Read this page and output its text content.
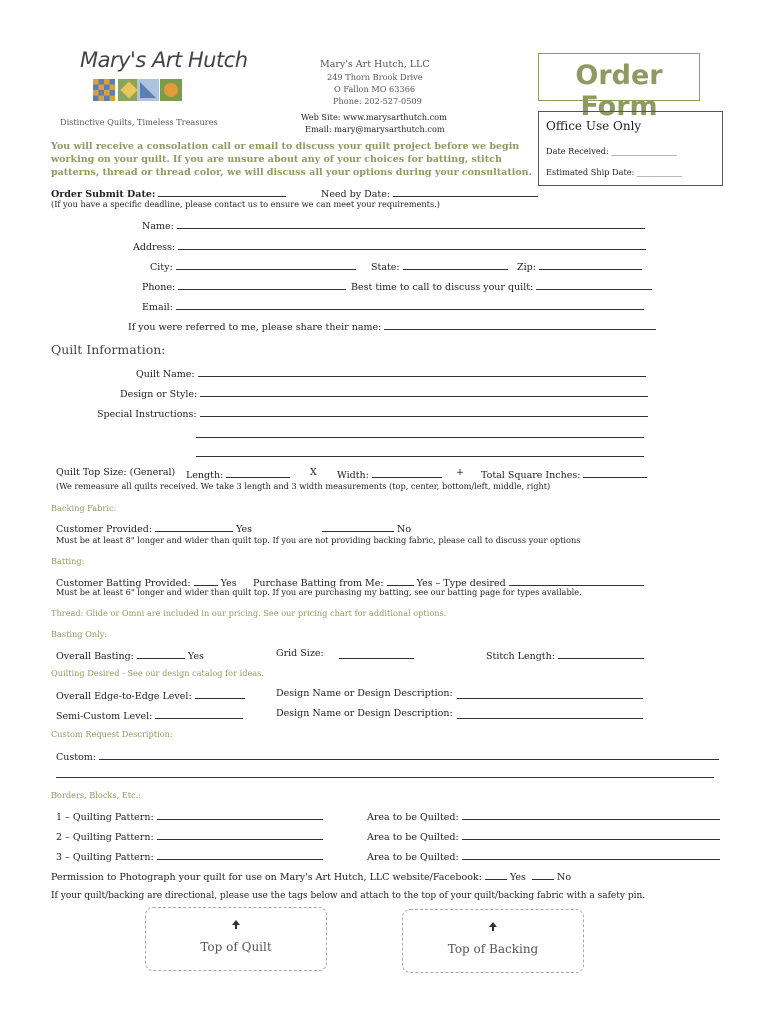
Mary's Art Hutch
Distinctive Quilts, Timeless Treasures
Mary's Art Hutch, LLC
249 Thorn Brook Drive
O Fallon MO 63366
Phone: 202-527-0509
Web Site: www.marysarthutch.com
Email: mary@marysarthutch.com
Order Form
Office Use Only
Date Received: ________________
Estimated Ship Date: ___________
You will receive a consolation call or email to discuss your quilt project before we begin
working on your quilt. If you are unsure about any of your choices for batting, stitch
patterns, thread or thread color, we will discuss all your options during your consultation.
Order Submit Date:	Need by Date:
(If you have a specific deadline, please contact us to ensure we can meet your requirements.)
Name:
Address:
City:	State:	Zip:
Phone:	Best time to call to discuss your quilt:
Email:
If you were referred to me, please share their name:
Quilt Information:
Quilt Name:
Design or Style:
Special Instructions:
Quilt Top Size: (General) Length:	X Width:	+ Total Square Inches:
(We remeasure all quilts received. We take 3 length and 3 width measurements (top, center, bottom/left, middle, right)
Backing Fabric:
Customer Provided:	Yes	No
Must be at least 8" longer and wider than quilt top. If you are not providing backing fabric, please call to discuss your options
Batting:
Customer Batting Provided:	Yes Purchase Batting from Me:	Yes – Type desired
Must be at least 6" longer and wider than quilt top. If you are purchasing my batting, see our batting page for types available.
Thread: Glide or Omni are included in our pricing. See our pricing chart for additional options.
Basting Only:
Overall Basting:	Yes	Grid Size:	Stitch Length:
Quilting Desired - See our design catalog for ideas.
Overall Edge-to-Edge Level:	Design Name or Design Description:
Semi-Custom Level:	Design Name or Design Description:
Custom Request Description:
Custom:
Borders, Blocks, Etc.:
1 – Quilting Pattern:	Area to be Quilted:
2 – Quilting Pattern:	Area to be Quilted:
3 – Quilting Pattern:	Area to be Quilted:
Permission to Photograph your quilt for use on Mary's Art Hutch, LLC website/Facebook:	Yes	No
If your quilt/backing are directional, please use the tags below and attach to the top of your quilt/backing fabric with a safety pin.
Top of Quilt	Top of Backing
